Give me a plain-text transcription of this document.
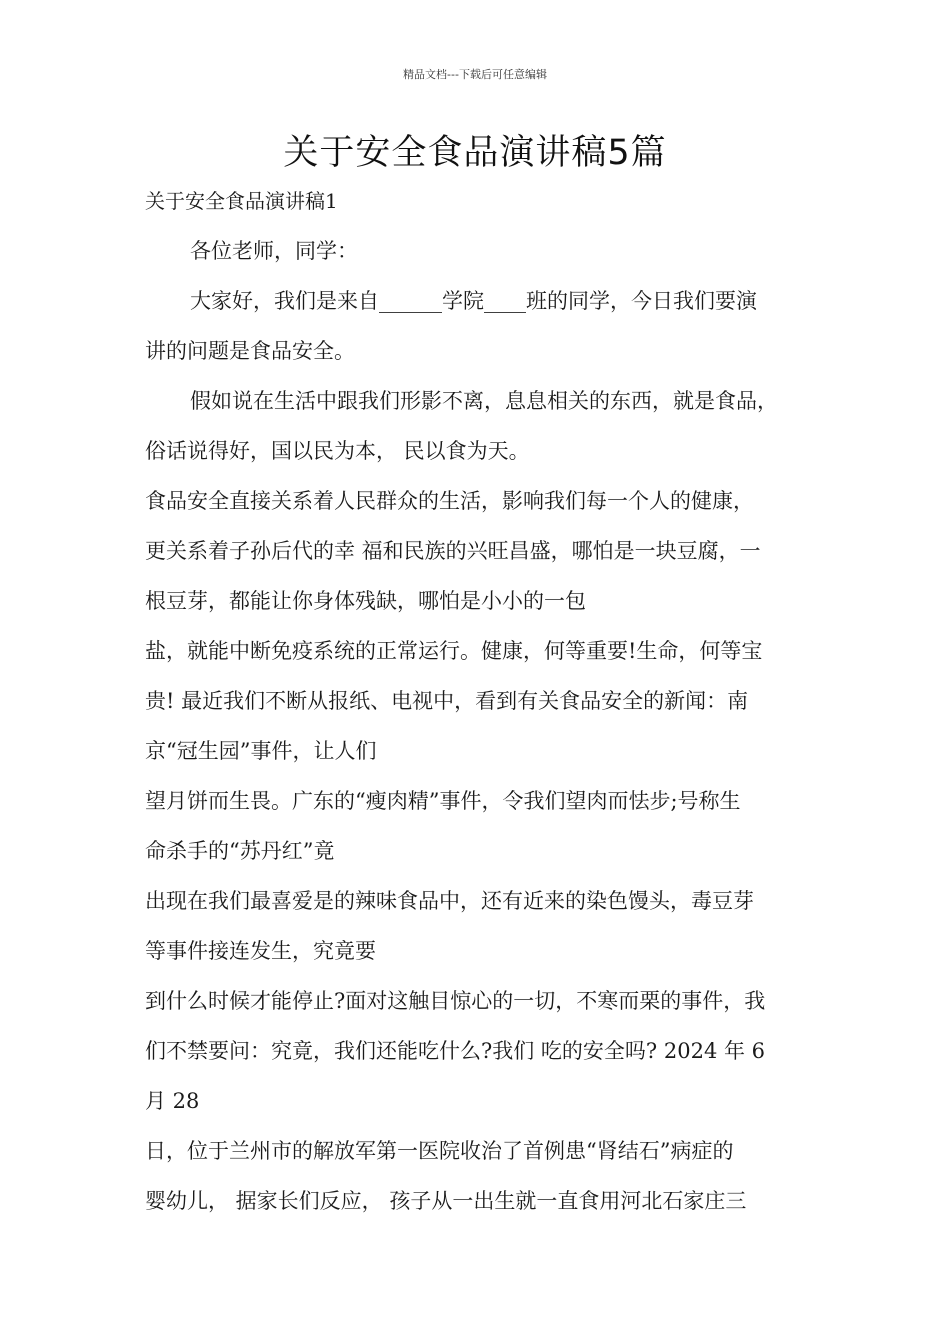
精品文档---下载后可任意编辑
关于安全食品演讲稿5篇
关于安全食品演讲稿1
各位老师，同学：
大家好，我们是来自______学院____班的同学，今日我们要演
讲的问题是食品安全。
假如说在生活中跟我们形影不离，息息相关的东西，就是食品，
俗话说得好，国以民为本， 民以食为天。
食品安全直接关系着人民群众的生活，影响我们每一个人的健康，
更关系着子孙后代的幸 福和民族的兴旺昌盛，哪怕是一块豆腐，一
根豆芽，都能让你身体残缺，哪怕是小小的一包
盐，就能中断免疫系统的正常运行。健康，何等重要!生命，何等宝
贵! 最近我们不断从报纸、电视中，看到有关食品安全的新闻：南
京“冠生园”事件，让人们
望月饼而生畏。广东的“瘦肉精”事件，令我们望肉而怯步;号称生
命杀手的“苏丹红”竟
出现在我们最喜爱是的辣味食品中，还有近来的染色馒头，毒豆芽
等事件接连发生，究竟要
到什么时候才能停止?面对这触目惊心的一切，不寒而栗的事件，我
们不禁要问：究竟，我们还能吃什么?我们 吃的安全吗? 2024 年 6
月 28
日，位于兰州市的解放军第一医院收治了首例患“肾结石”病症的
婴幼儿， 据家长们反应， 孩子从一出生就一直食用河北石家庄三
